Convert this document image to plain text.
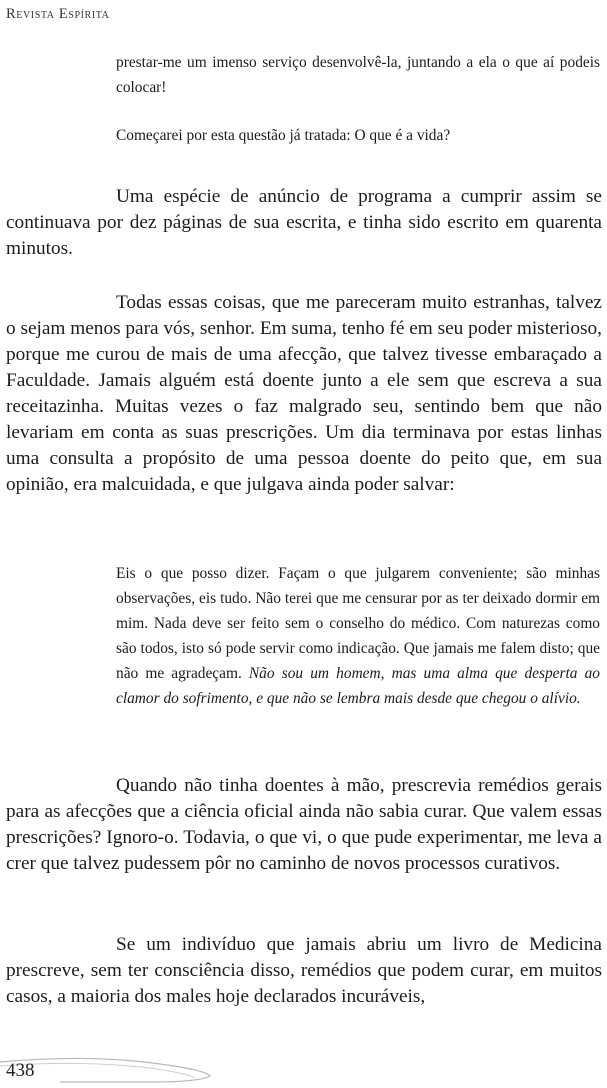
Revista Espírita

prestar-me um imenso serviço desenvolvê-la, juntando a ela o que aí podeis colocar!

Começarei por esta questão já tratada: O que é a vida?

Uma espécie de anúncio de programa a cumprir assim se continuava por dez páginas de sua escrita, e tinha sido escrito em quarenta minutos.

Todas essas coisas, que me pareceram muito estranhas, talvez o sejam menos para vós, senhor. Em suma, tenho fé em seu poder misterioso, porque me curou de mais de uma afecção, que talvez tivesse embaraçado a Faculdade. Jamais alguém está doente junto a ele sem que escreva a sua receitazinha. Muitas vezes o faz malgrado seu, sentindo bem que não levariam em conta as suas prescrições. Um dia terminava por estas linhas uma consulta a propósito de uma pessoa doente do peito que, em sua opinião, era malcuidada, e que julgava ainda poder salvar:

Eis o que posso dizer. Façam o que julgarem conveniente; são minhas observações, eis tudo. Não terei que me censurar por as ter deixado dormir em mim. Nada deve ser feito sem o conselho do médico. Com naturezas como são todos, isto só pode servir como indicação. Que jamais me falem disto; que não me agradeçam. Não sou um homem, mas uma alma que desperta ao clamor do sofrimento, e que não se lembra mais desde que chegou o alívio.

Quando não tinha doentes à mão, prescrevia remédios gerais para as afecções que a ciência oficial ainda não sabia curar. Que valem essas prescrições? Ignoro-o. Todavia, o que vi, o que pude experimentar, me leva a crer que talvez pudessem pôr no caminho de novos processos curativos.

Se um indivíduo que jamais abriu um livro de Medicina prescreve, sem ter consciência disso, remédios que podem curar, em muitos casos, a maioria dos males hoje declarados incuráveis,

438
